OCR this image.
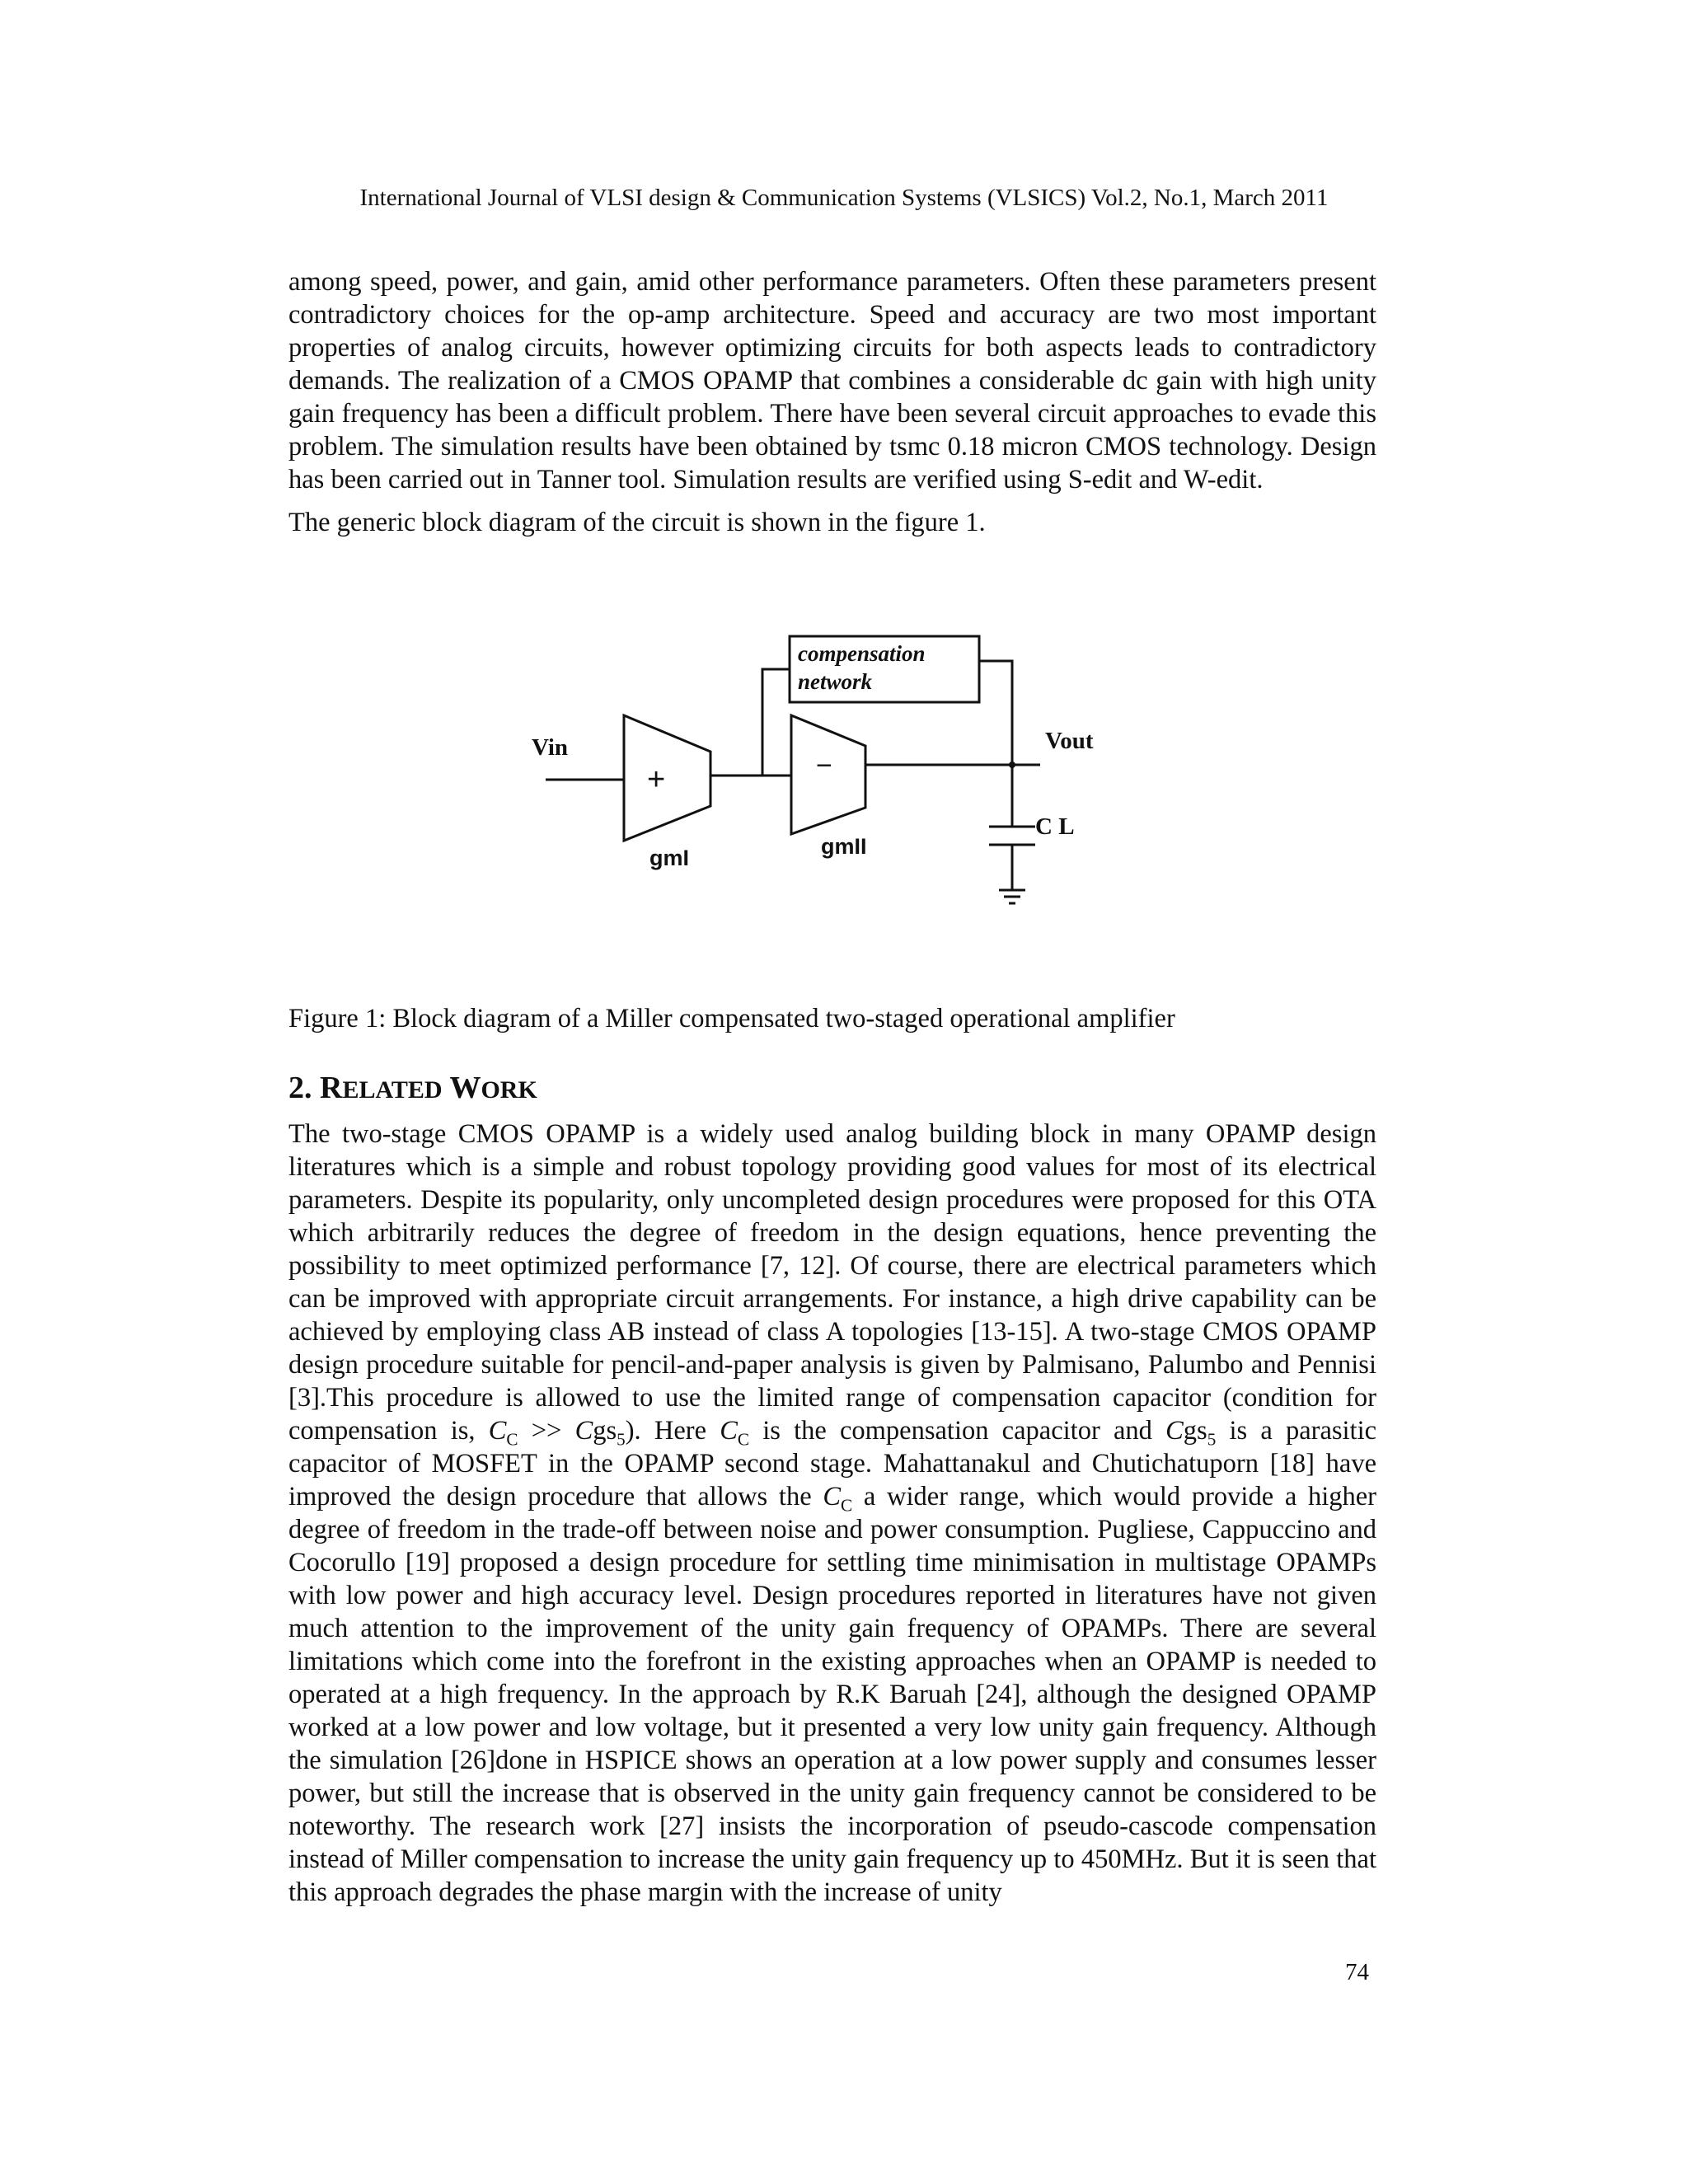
International Journal of VLSI design & Communication Systems (VLSICS) Vol.2, No.1, March 2011

among speed, power, and gain, amid other performance parameters. Often these parameters present contradictory choices for the op-amp architecture. Speed and accuracy are two most important properties of analog circuits, however optimizing circuits for both aspects leads to contradictory demands. The realization of a CMOS OPAMP that combines a considerable dc gain with high unity gain frequency has been a difficult problem. There have been several circuit approaches to evade this problem. The simulation results have been obtained by tsmc 0.18 micron CMOS technology. Design has been carried out in Tanner tool. Simulation results are verified using S-edit and W-edit.

The generic block diagram of the circuit is shown in the figure 1.

Vin	Vout
+	−
gmI	gmII
C L
compensation
network
Figure 1: Block diagram of a Miller compensated two-staged operational amplifier
2. RELATED WORK

The two-stage CMOS OPAMP is a widely used analog building block in many OPAMP design literatures which is a simple and robust topology providing good values for most of its electrical parameters. Despite its popularity, only uncompleted design procedures were proposed for this OTA which arbitrarily reduces the degree of freedom in the design equations, hence preventing the possibility to meet optimized performance [7, 12]. Of course, there are electrical parameters which can be improved with appropriate circuit arrangements. For instance, a high drive capability can be achieved by employing class AB instead of class A topologies [13-15]. A two-stage CMOS OPAMP design procedure suitable for pencil-and-paper analysis is given by Palmisano, Palumbo and Pennisi [3].This procedure is allowed to use the limited range of compensation capacitor (condition for compensation is, $C_C >> Cgs_5$). Here $C_C$ is the compensation capacitor and Cgs$_5$ is a parasitic capacitor of MOSFET in the OPAMP second stage. Mahattanakul and Chutichatuporn [18] have improved the design procedure that allows the $C_C$ a wider range, which would provide a higher degree of freedom in the trade-off between noise and power consumption. Pugliese, Cappuccino and Cocorullo [19] proposed a design procedure for settling time minimisation in multistage OPAMPs with low power and high accuracy level. Design procedures reported in literatures have not given much attention to the improvement of the unity gain frequency of OPAMPs. There are several limitations which come into the forefront in the existing approaches when an OPAMP is needed to operated at a high frequency. In the approach by R.K Baruah [24], although the designed OPAMP worked at a low power and low voltage, but it presented a very low unity gain frequency. Although the simulation [26]done in HSPICE shows an operation at a low power supply and consumes lesser power, but still the increase that is observed in the unity gain frequency cannot be considered to be noteworthy. The research work [27] insists the incorporation of pseudo-cascode compensation instead of Miller compensation to increase the unity gain frequency up to 450MHz. But it is seen that this approach degrades the phase margin with the increase of unity

74
